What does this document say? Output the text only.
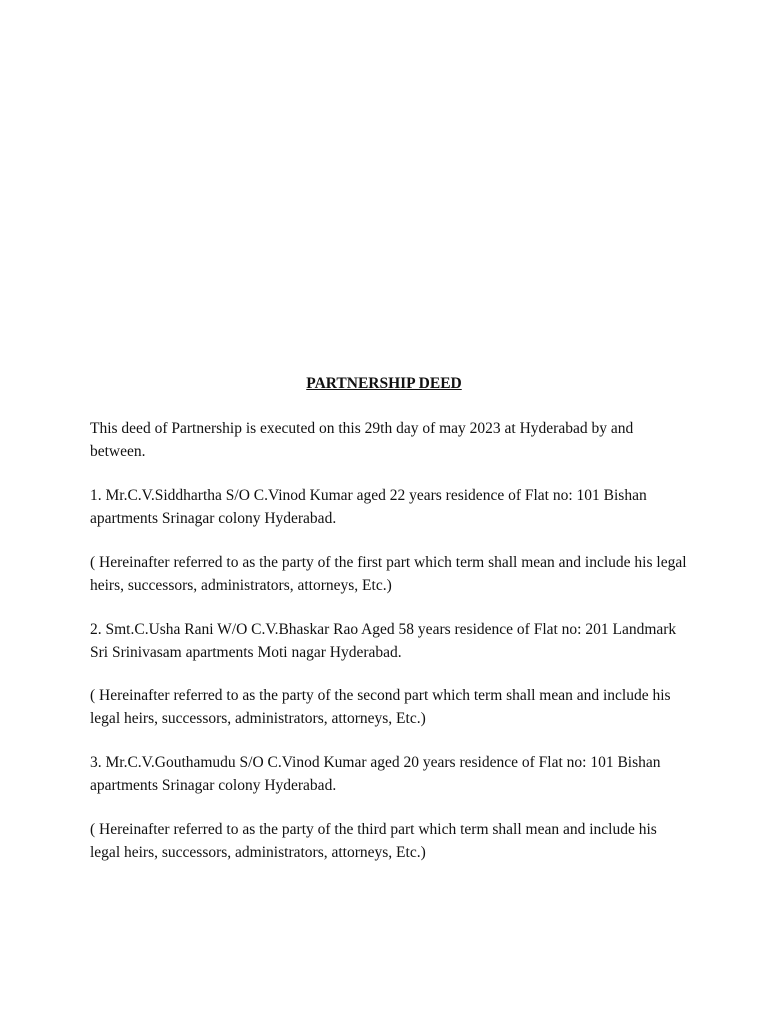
PARTNERSHIP DEED

This deed of Partnership is executed on this 29th day of may 2023 at Hyderabad by and between.

1. Mr.C.V.Siddhartha S/O C.Vinod Kumar aged 22 years residence of Flat no: 101 Bishan apartments Srinagar colony Hyderabad.

( Hereinafter referred to as the party of the first part which term shall mean and include his legal heirs, successors, administrators, attorneys, Etc.)

2. Smt.C.Usha Rani W/O C.V.Bhaskar Rao Aged 58 years residence of Flat no: 201 Landmark Sri Srinivasam apartments Moti nagar Hyderabad.

( Hereinafter referred to as the party of the second part which term shall mean and include his legal heirs, successors, administrators, attorneys, Etc.)

3. Mr.C.V.Gouthamudu S/O C.Vinod Kumar aged 20 years residence of Flat no: 101 Bishan apartments Srinagar colony Hyderabad.

( Hereinafter referred to as the party of the third part which term shall mean and include his legal heirs, successors, administrators, attorneys, Etc.)
